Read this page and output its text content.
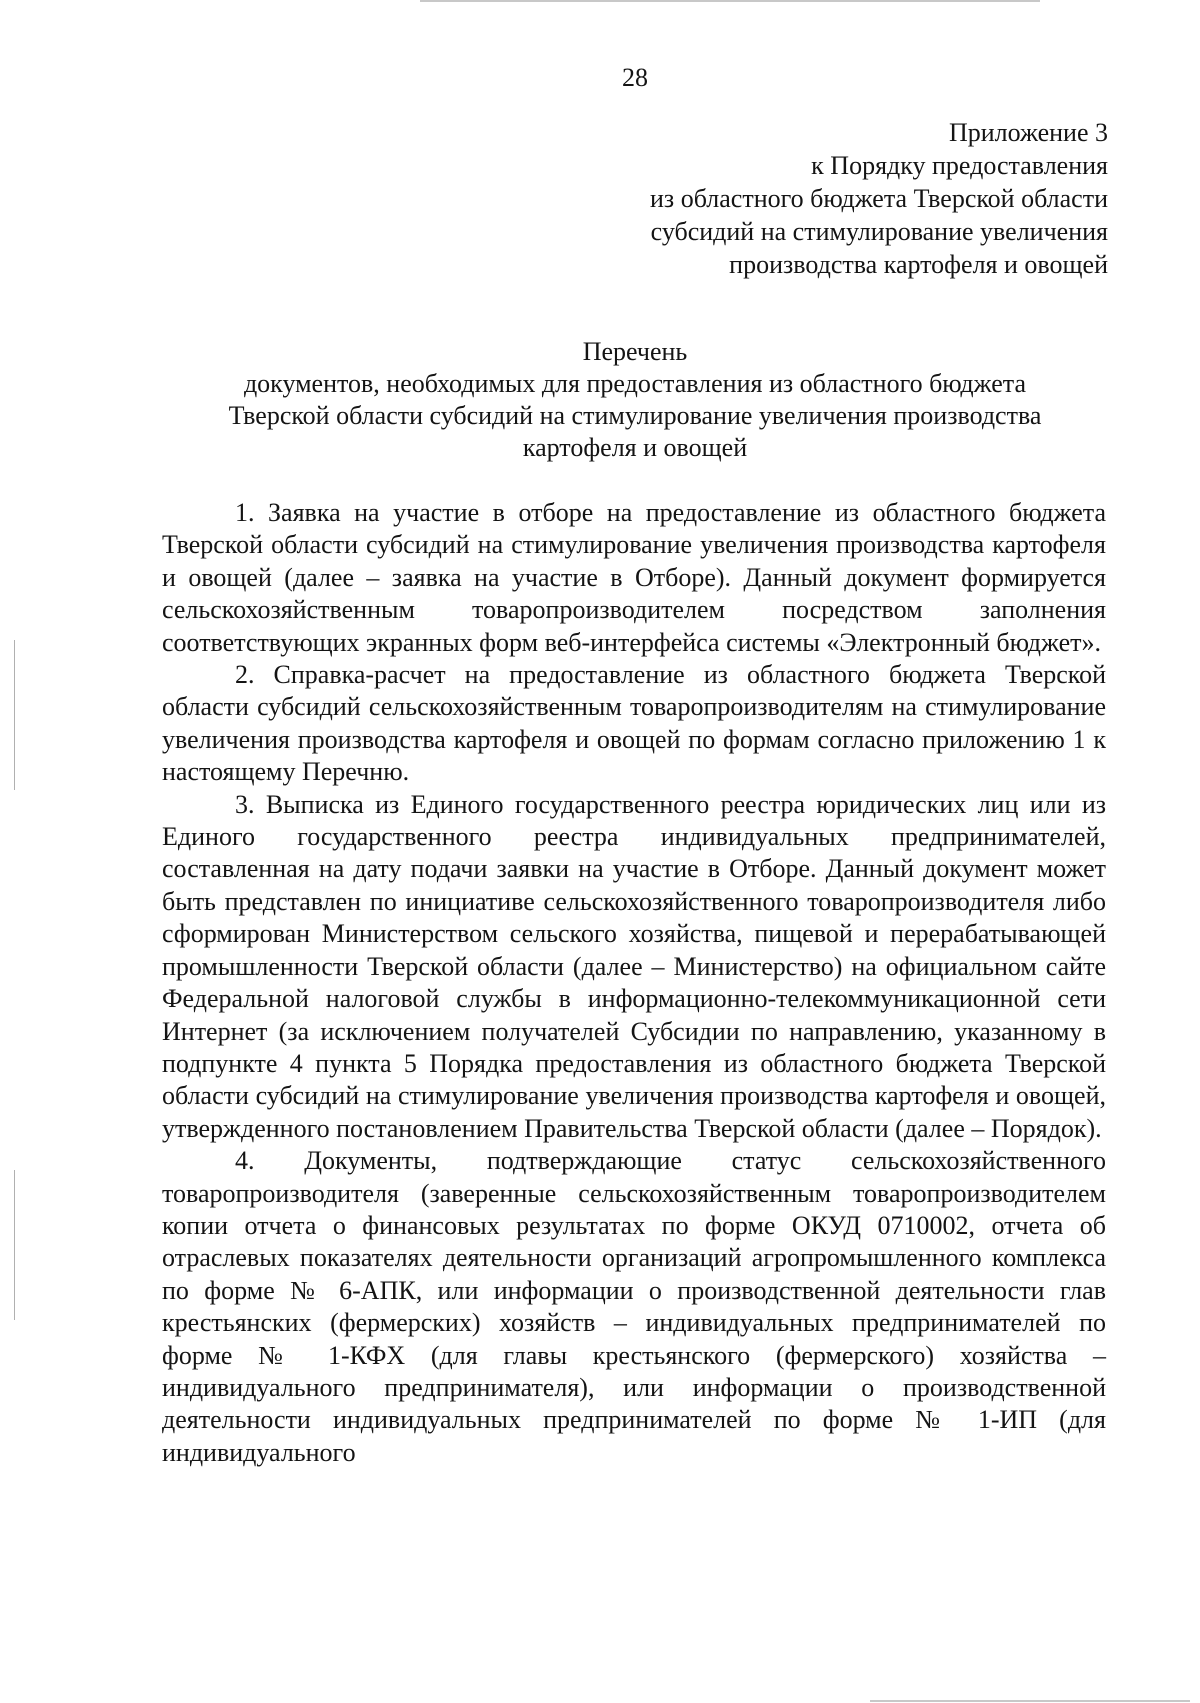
28
Приложение 3
к Порядку предоставления
из областного бюджета Тверской области
субсидий на стимулирование увеличения
производства картофеля и овощей
Перечень
документов, необходимых для предоставления из областного бюджета
Тверской области субсидий на стимулирование увеличения производства
картофеля и овощей

1. Заявка на участие в отборе на предоставление из областного бюджета Тверской области субсидий на стимулирование увеличения производства картофеля и овощей (далее – заявка на участие в Отборе). Данный документ формируется сельскохозяйственным товаропроизводителем посредством заполнения соответствующих экранных форм веб-интерфейса системы «Электронный бюджет».

2. Справка-расчет на предоставление из областного бюджета Тверской области субсидий сельскохозяйственным товаропроизводителям на стимулирование увеличения производства картофеля и овощей по формам согласно приложению 1 к настоящему Перечню.

3. Выписка из Единого государственного реестра юридических лиц или из Единого государственного реестра индивидуальных предпринимателей, составленная на дату подачи заявки на участие в Отборе. Данный документ может быть представлен по инициативе сельскохозяйственного товаропроизводителя либо сформирован Министерством сельского хозяйства, пищевой и перерабатывающей промышленности Тверской области (далее – Министерство) на официальном сайте Федеральной налоговой службы в информационно-телекоммуникационной сети Интернет (за исключением получателей Субсидии по направлению, указанному в подпункте 4 пункта 5 Порядка предоставления из областного бюджета Тверской области субсидий на стимулирование увеличения производства картофеля и овощей, утвержденного постановлением Правительства Тверской области (далее – Порядок).

4. Документы, подтверждающие статус сельскохозяйственного товаропроизводителя (заверенные сельскохозяйственным товаропроизводителем копии отчета о финансовых результатах по форме ОКУД 0710002, отчета об отраслевых показателях деятельности организаций агропромышленного комплекса по форме № 6-АПК, или информации о производственной деятельности глав крестьянских (фермерских) хозяйств – индивидуальных предпринимателей по форме № 1-КФХ (для главы крестьянского (фермерского) хозяйства – индивидуального предпринимателя), или информации о производственной деятельности индивидуальных предпринимателей по форме № 1-ИП (для индивидуального
